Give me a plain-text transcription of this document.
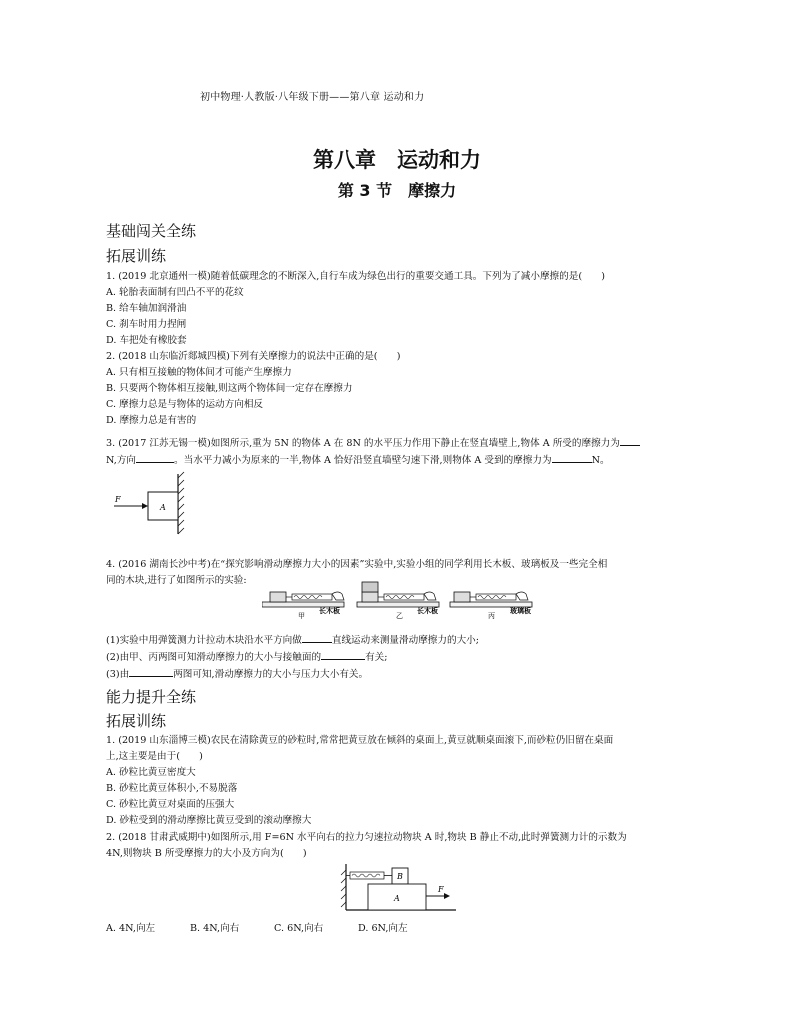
初中物理·人教版·八年级下册——第八章 运动和力
第八章　运动和力
第 3 节　摩擦力
基础闯关全练
拓展训练
1. (2019 北京通州一模)随着低碳理念的不断深入,自行车成为绿色出行的重要交通工具。下列为了减小摩擦的是(　　)
A. 轮胎表面制有凹凸不平的花纹
B. 给车轴加润滑油
C. 刹车时用力捏闸
D. 车把处有橡胶套
2. (2018 山东临沂郯城四模)下列有关摩擦力的说法中正确的是(　　)
A. 只有相互接触的物体间才可能产生摩擦力
B. 只要两个物体相互接触,则这两个物体间一定存在摩擦力
C. 摩擦力总是与物体的运动方向相反
D. 摩擦力总是有害的
3. (2017 江苏无锡一模)如图所示,重为 5N 的物体 A 在 8N 的水平压力作用下静止在竖直墙壁上,物体 A 所受的摩擦力为
N,方向	。当水平力减小为原来的一半,物体 A 恰好沿竖直墙壁匀速下滑,则物体 A 受到的摩擦力为	N。
F
A
4. (2016 湖南长沙中考)在“探究影响滑动摩擦力大小的因素”实验中,实验小组的同学利用长木板、玻璃板及一些完全相
同的木块,进行了如图所示的实验:
甲
长木板
乙
长木板
丙
玻璃板
(1)实验中用弹簧测力计拉动木块沿水平方向做	直线运动来测量滑动摩擦力的大小;
(2)由甲、丙两图可知滑动摩擦力的大小与接触面的	有关;
(3)由	两图可知,滑动摩擦力的大小与压力大小有关。
能力提升全练
拓展训练
1. (2019 山东淄博三模)农民在清除黄豆的砂粒时,常常把黄豆放在倾斜的桌面上,黄豆就顺桌面滚下,而砂粒仍旧留在桌面
上,这主要是由于(　　)
A. 砂粒比黄豆密度大
B. 砂粒比黄豆体积小,不易脱落
C. 砂粒比黄豆对桌面的压强大
D. 砂粒受到的滑动摩擦比黄豆受到的滚动摩擦大
2. (2018 甘肃武威期中)如图所示,用 F=6N 水平向右的拉力匀速拉动物块 A 时,物块 B 静止不动,此时弹簧测力计的示数为
4N,则物块 B 所受摩擦力的大小及方向为(　　)
B
A
F
A. 4N,向左	B. 4N,向右	C. 6N,向右	D. 6N,向左
